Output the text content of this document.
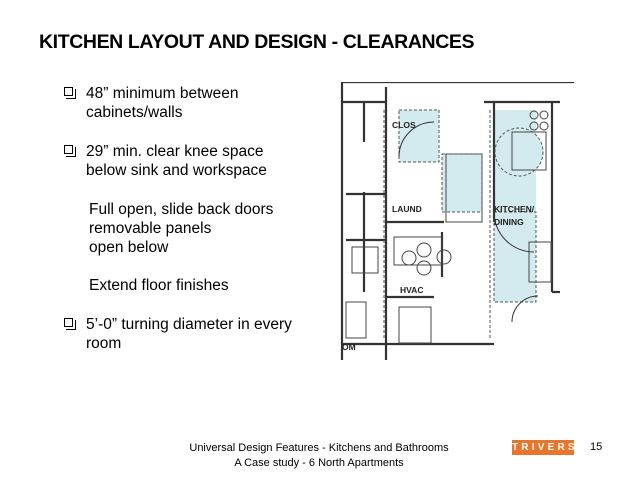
KITCHEN LAYOUT AND DESIGN - CLEARANCES
48” minimum between
cabinets/walls
29” min. clear knee space
below sink and workspace
Full open, slide back doors
removable panels
open below
Extend floor finishes
5’-0” turning diameter in every
room
CLOS
LAUND
HVAC
KITCHEN/
DINING
OM
Universal Design Features - Kitchens and Bathrooms
A Case study - 6 North Apartments
TRIVERS 15
